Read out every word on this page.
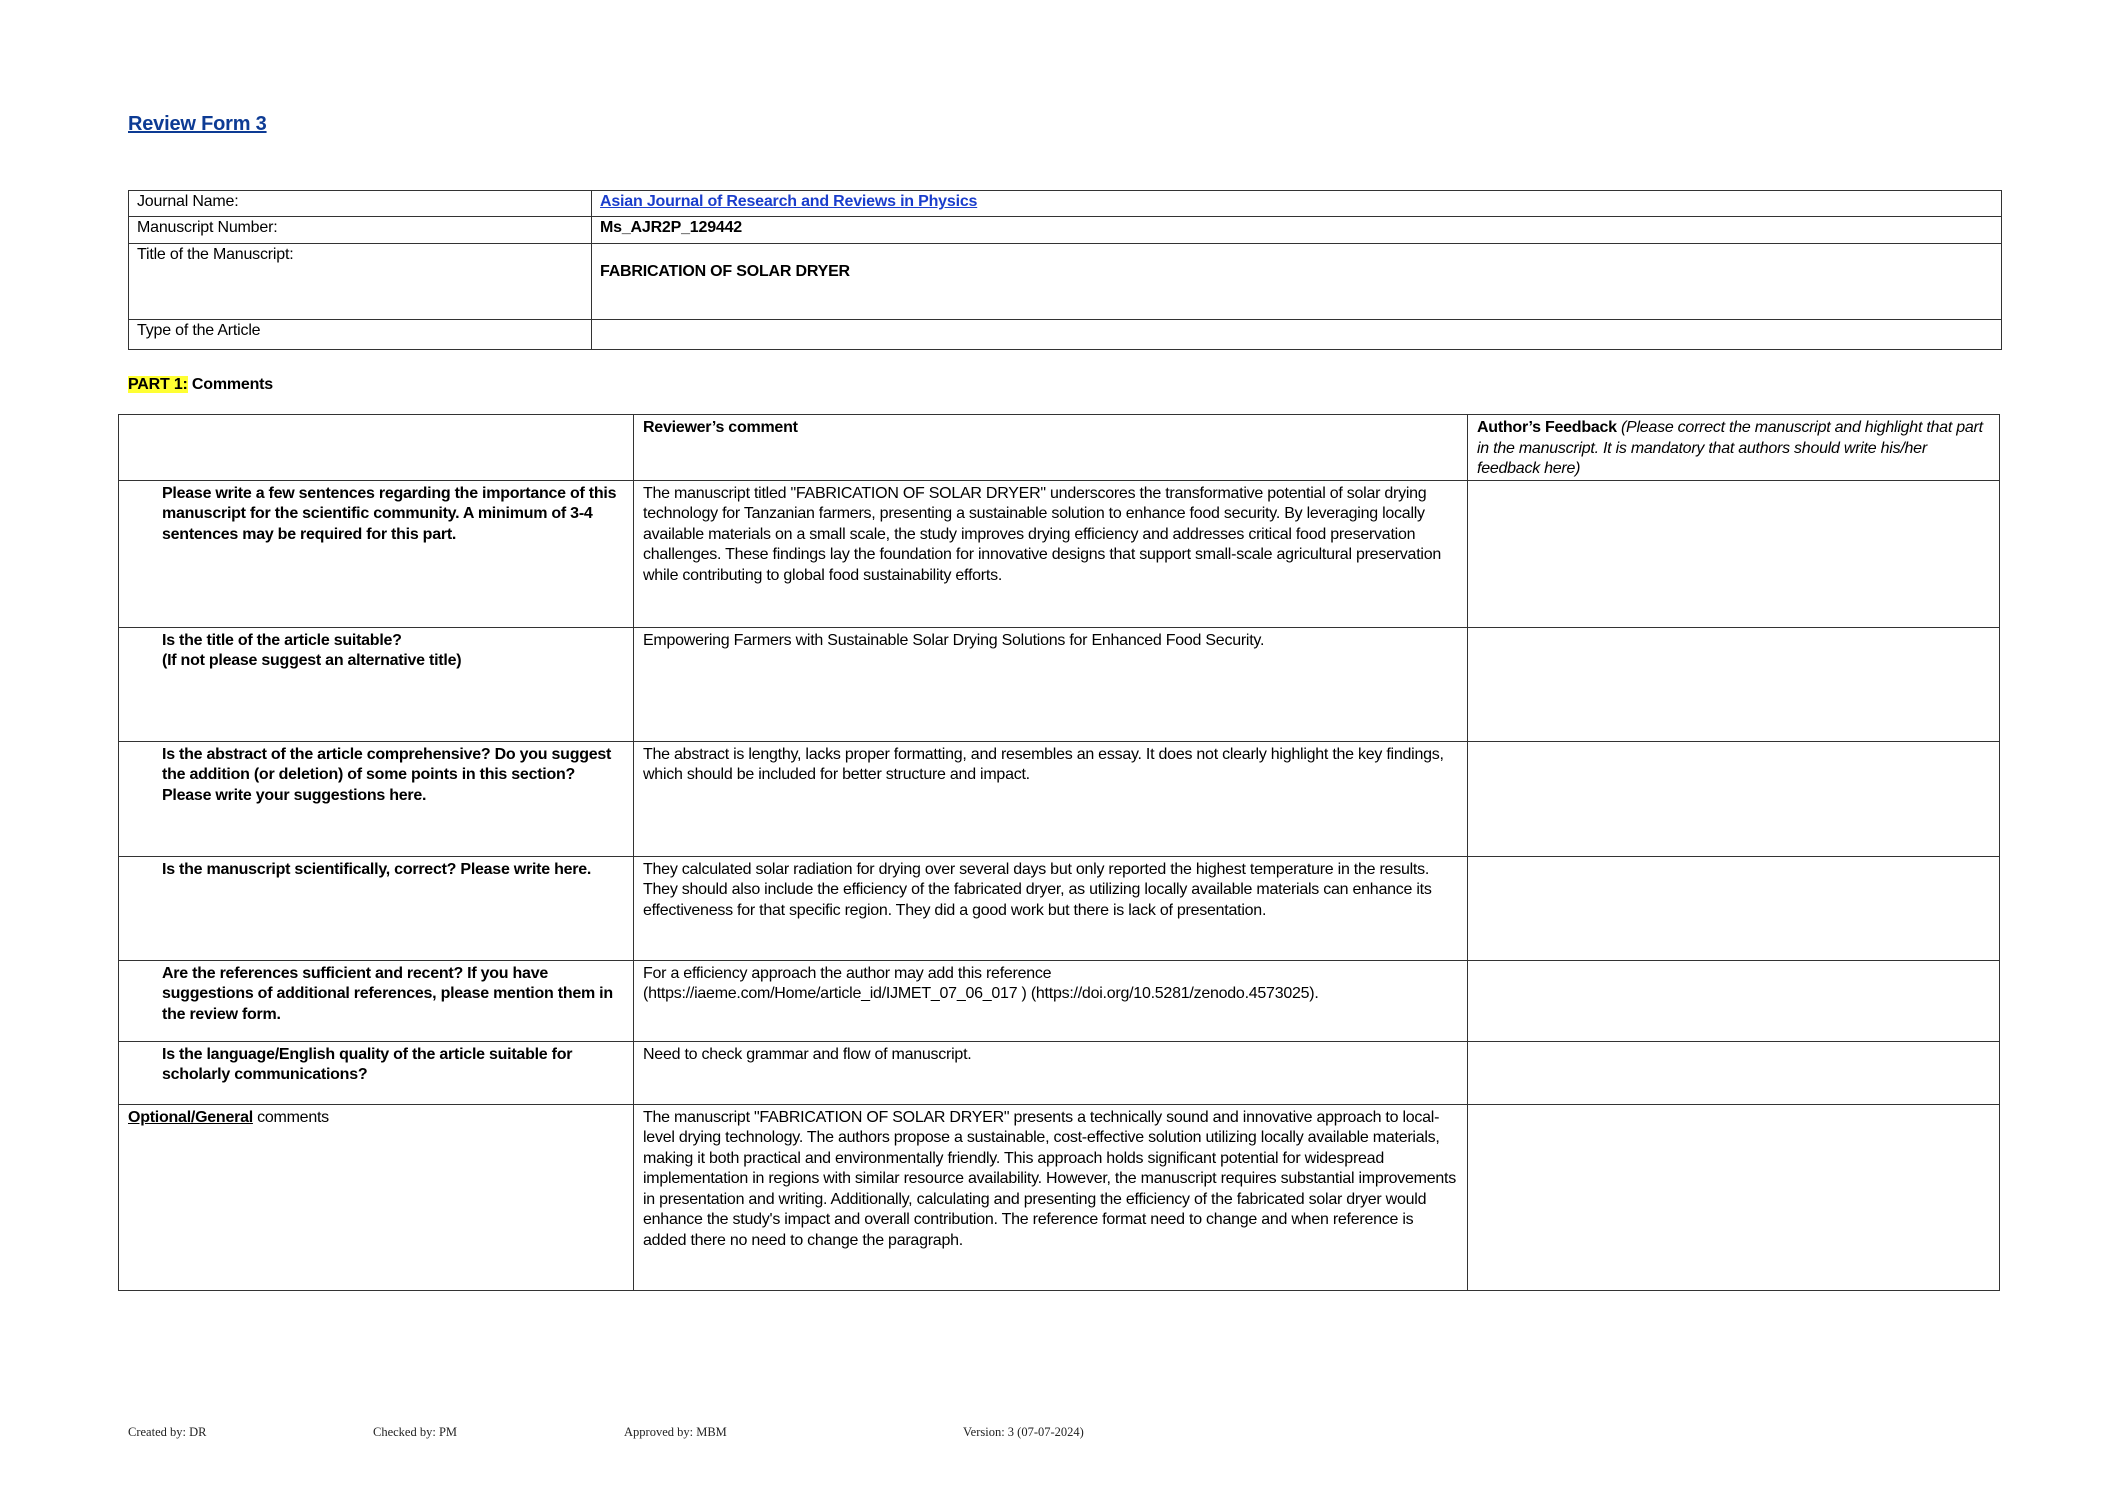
Review Form 3
Journal Name:	Asian Journal of Research and Reviews in Physics
Manuscript Number:	Ms_AJR2P_129442
Title of the Manuscript:	FABRICATION OF SOLAR DRYER
Type of the Article	
PART 1: Comments
	Reviewer’s comment	Author’s Feedback (Please correct the manuscript and highlight that part in the manuscript. It is mandatory that authors should write his/her feedback here)
Please write a few sentences regarding the importance of this manuscript for the scientific community. A minimum of 3-4 sentences may be required for this part.	The manuscript titled "FABRICATION OF SOLAR DRYER" underscores the transformative potential of solar drying technology for Tanzanian farmers, presenting a sustainable solution to enhance food security. By leveraging locally available materials on a small scale, the study improves drying efficiency and addresses critical food preservation challenges. These findings lay the foundation for innovative designs that support small-scale agricultural preservation while contributing to global food sustainability efforts.	

Is the title of the article suitable?
(If not please suggest an alternative title)	Empowering Farmers with Sustainable Solar Drying Solutions for Enhanced Food Security.	
Is the abstract of the article comprehensive? Do you suggest the addition (or deletion) of some points in this section? Please write your suggestions here.	The abstract is lengthy, lacks proper formatting, and resembles an essay. It does not clearly highlight the key findings, which should be included for better structure and impact.	
Is the manuscript scientifically, correct? Please write here.	They calculated solar radiation for drying over several days but only reported the highest temperature in the results. They should also include the efficiency of the fabricated dryer, as utilizing locally available materials can enhance its effectiveness for that specific region. They did a good work but there is lack of presentation.	
Are the references sufficient and recent? If you have suggestions of additional references, please mention them in the review form.	For a efficiency approach the author may add this reference
(https://iaeme.com/Home/article_id/IJMET_07_06_017 ) (https://doi.org/10.5281/zenodo.4573025).	

Is the language/English quality of the article suitable for scholarly communications?	Need to check grammar and flow of manuscript.	
Optional/General comments	The manuscript "FABRICATION OF SOLAR DRYER" presents a technically sound and innovative approach to local-level drying technology. The authors propose a sustainable, cost-effective solution utilizing locally available materials, making it both practical and environmentally friendly. This approach holds significant potential for widespread implementation in regions with similar resource availability. However, the manuscript requires substantial improvements in presentation and writing. Additionally, calculating and presenting the efficiency of the fabricated solar dryer would enhance the study's impact and overall contribution. The reference format need to change and when reference is added there no need to change the paragraph.	
Created by: DR	Checked by: PM	Approved by: MBM	Version: 3 (07-07-2024)
